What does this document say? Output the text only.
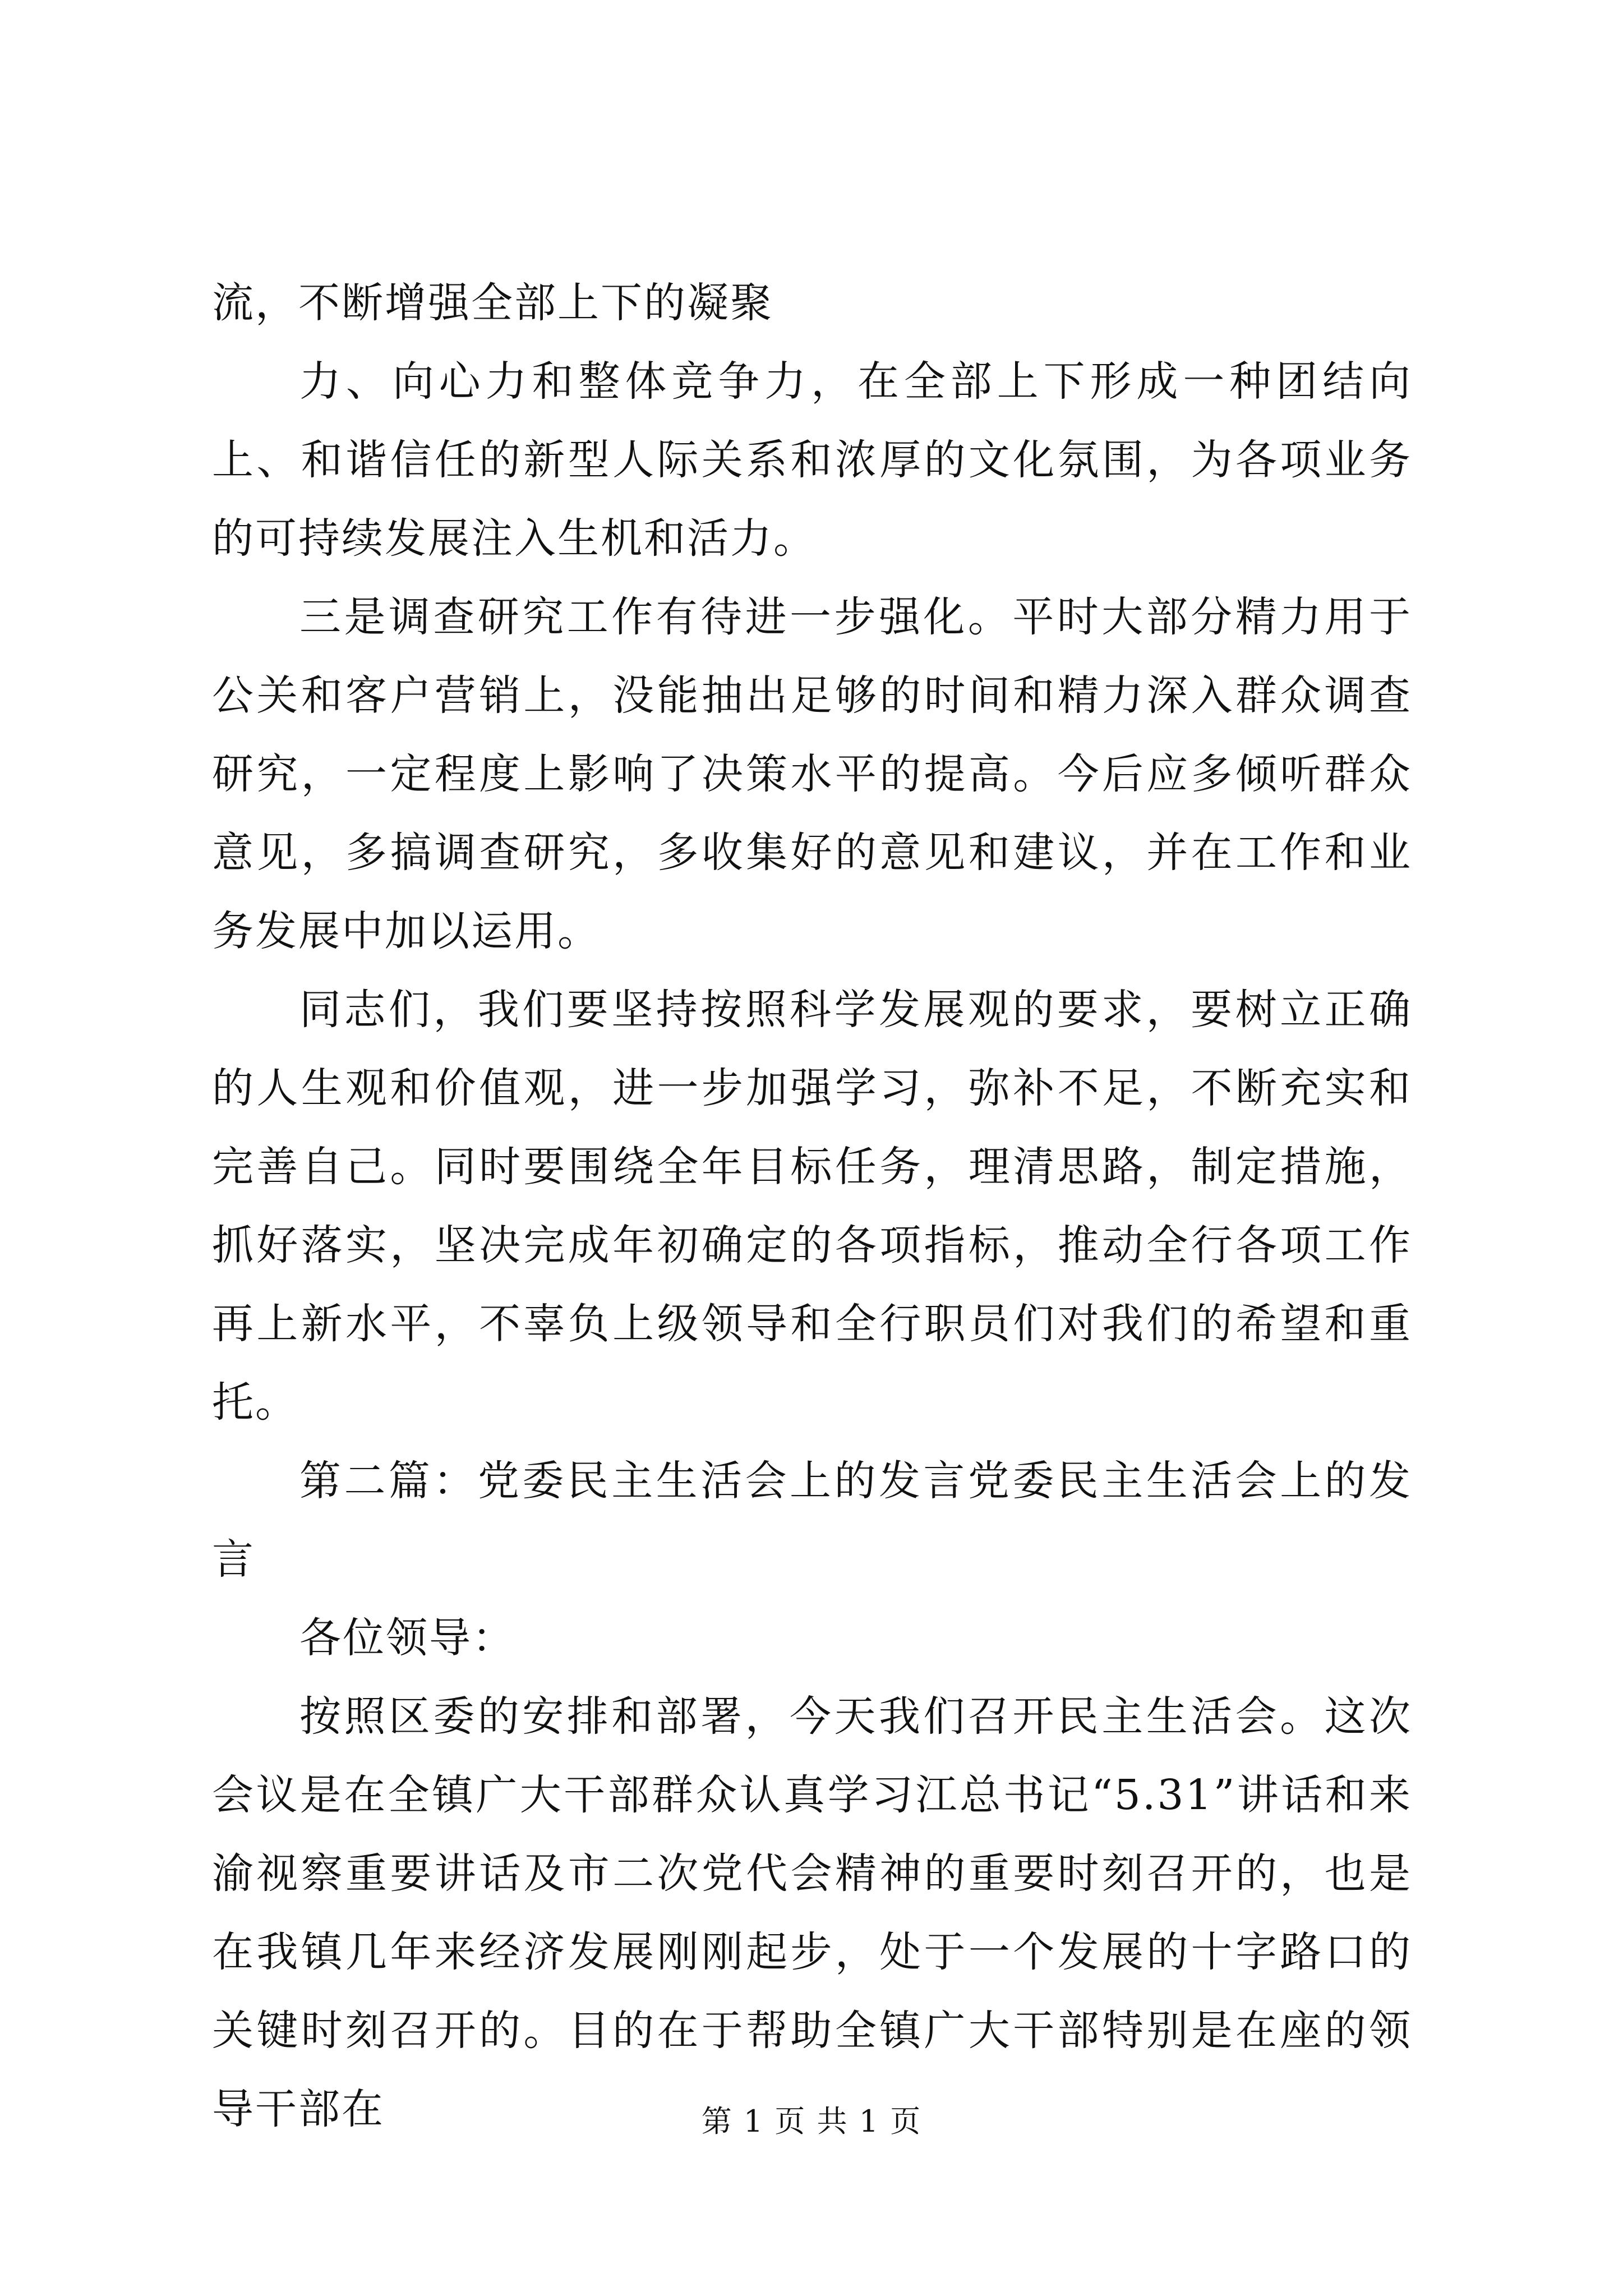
流，不断增强全部上下的凝聚

力、向心力和整体竞争力，在全部上下形成一种团结向上、和谐信任的新型人际关系和浓厚的文化氛围，为各项业务的可持续发展注入生机和活力。

三是调查研究工作有待进一步强化。平时大部分精力用于公关和客户营销上，没能抽出足够的时间和精力深入群众调查研究，一定程度上影响了决策水平的提高。今后应多倾听群众意见，多搞调查研究，多收集好的意见和建议，并在工作和业务发展中加以运用。

同志们，我们要坚持按照科学发展观的要求，要树立正确的人生观和价值观，进一步加强学习，弥补不足，不断充实和完善自己。同时要围绕全年目标任务，理清思路，制定措施，抓好落实，坚决完成年初确定的各项指标，推动全行各项工作再上新水平，不辜负上级领导和全行职员们对我们的希望和重托。

第二篇：党委民主生活会上的发言党委民主生活会上的发言

各位领导：

按照区委的安排和部署，今天我们召开民主生活会。这次会议是在全镇广大干部群众认真学习江总书记“5.31”讲话和来渝视察重要讲话及市二次党代会精神的重要时刻召开的，也是在我镇几年来经济发展刚刚起步，处于一个发展的十字路口的关键时刻召开的。目的在于帮助全镇广大干部特别是在座的领导干部在	第 1 页 共 1 页
